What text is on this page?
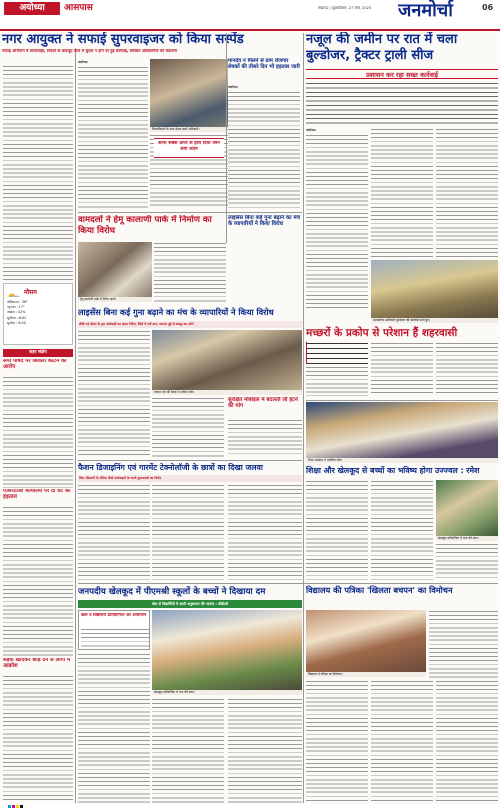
अयोध्या	आसपास	लखनऊ | बृहस्पतिवार, 27 मार्च, 2025	जनमोर्चा	06
मौसम
अधिकतम : 36°
न्यूनतम : 17°
आर्द्रता : 42%
सूर्योदय : 6:02
सूर्यास्त : 6:20
शहर संक्षेप
सपा पार्षद पर बिजली काटने का आरोप
एआरटीओ कार्यालय पर दो घंटे की हड़ताल
सड़क खोदकर छोड़ देने से लोगों में आक्रोश
नगर आयुक्त ने सफाई सुपरवाइजर को किया सस्पेंड
सफाई अभियान में लापरवाही, निर्देशों के बावजूद कार्य में सुधार न होने पर हुई कार्रवाई, संबंधित अधिकारियों को चेतावनी
अयोध्या।
जिलाधिकारी के साथ बैठक करते अधिकारी।
मानदेय न मिलने से ग्राम रोजगार सेवकों की तीसरे दिन भी हड़ताल जारी
अयोध्या।
सोनी सबसे ऊपर से हाथ दिया जाने लगा ध्यान
नजूल की जमीन पर रात में चला बुल्डोजर, ट्रैक्टर ट्राली सीज
प्रशासन कर रहा सख्त कार्रवाई
अयोध्या।
प्रशासनिक अधिकारी बुल्डोजर की कार्रवाई करते हुए।
मच्छरों के प्रकोप से परेशान हैं शहरवासी
वामदलों ने हेमू कालाणी पार्क में निर्माण का किया विरोध
हेमू कालाणी पार्क में विरोध करते।
लाइसेंस बिना कई गुना बढ़ाने का मंच के व्यापारियों ने किया विरोध
लाइसेंस बिना कई गुना बढ़ाने का मंच के व्यापारियों ने किया विरोध
डीसी एवं डीएम के द्वार कार्यवाही का अहम निर्देश, जिले में दर्ज कम, व्यापार मुद्दे से संबद्ध कर उठेंगे
व्यापार मंच की बैठक में शामिल लोग।
सुरक्षित मोबाइल में बदलती लीं हटने की मांग
फैशन डिजाइनिंग एवं गारमेंट टेक्नोलॉजी के छात्रों का दिखा जलवा
बिना जीएसटी के नोटिस जैसी कार्रवाइयों के चलते दुकानदारों का विरोध
शिक्षा सम्मेलन में उपस्थित लोग।
शिक्षा और खेलकूद से बच्चों का भविष्य होगा उज्ज्वल : रमेश
खेलकूद प्रतियोगिता में भाग लेते छात्र।
जनपदीय खेलकूद में पीएमश्री स्कूलों के बच्चों ने दिखाया दम
खेल से विद्यार्थियों में आती अनुशासन की भावना : सीडीओ
खेल व विद्यालय प्रतियोगिता का आयोजन
खेलकूद प्रतियोगिता में भाग लेते छात्र।
विद्यालय की पत्रिका 'खिलता बचपन' का विमोचन
विद्यालय में पत्रिका का विमोचन।
